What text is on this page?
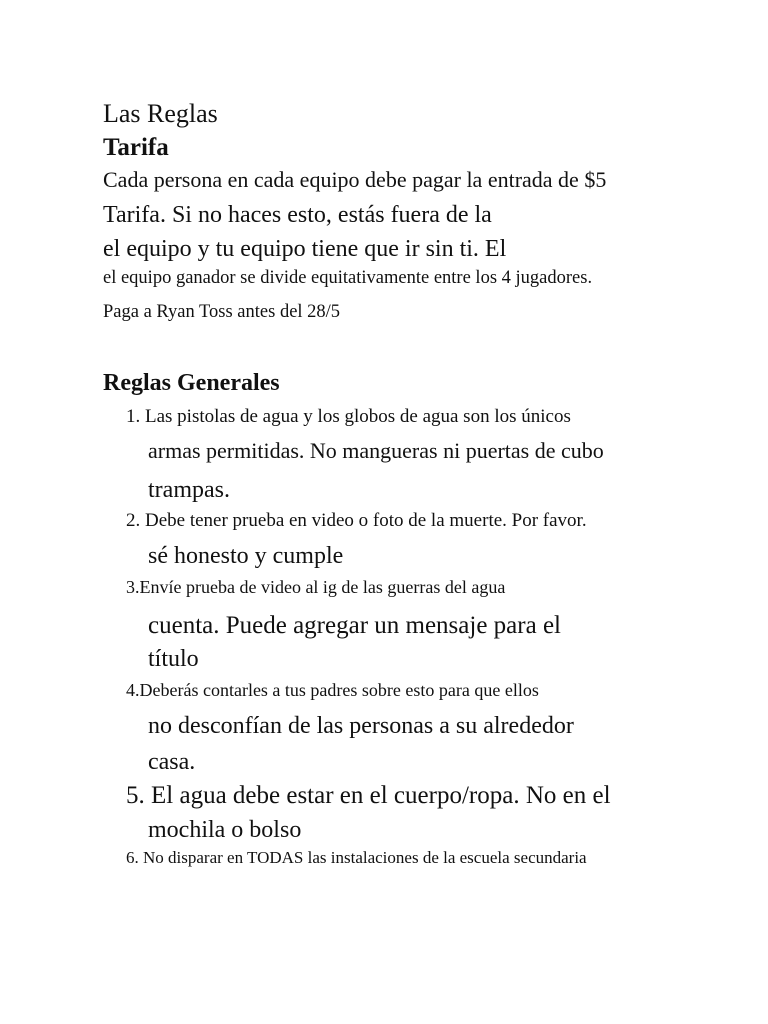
Las Reglas
Tarifa
Cada persona en cada equipo debe pagar la entrada de $5
Tarifa. Si no haces esto, estás fuera de la
el equipo y tu equipo tiene que ir sin ti. El
el equipo ganador se divide equitativamente entre los 4 jugadores.
Paga a Ryan Toss antes del 28/5
Reglas Generales
1. Las pistolas de agua y los globos de agua son los únicos
armas permitidas. No mangueras ni puertas de cubo
trampas.
2. Debe tener prueba en video o foto de la muerte. Por favor.
sé honesto y cumple
3.Envíe prueba de video al ig de las guerras del agua
cuenta. Puede agregar un mensaje para el
título
4.Deberás contarles a tus padres sobre esto para que ellos
no desconfían de las personas a su alrededor
casa.
5. El agua debe estar en el cuerpo/ropa. No en el
mochila o bolso
6. No disparar en TODAS las instalaciones de la escuela secundaria
